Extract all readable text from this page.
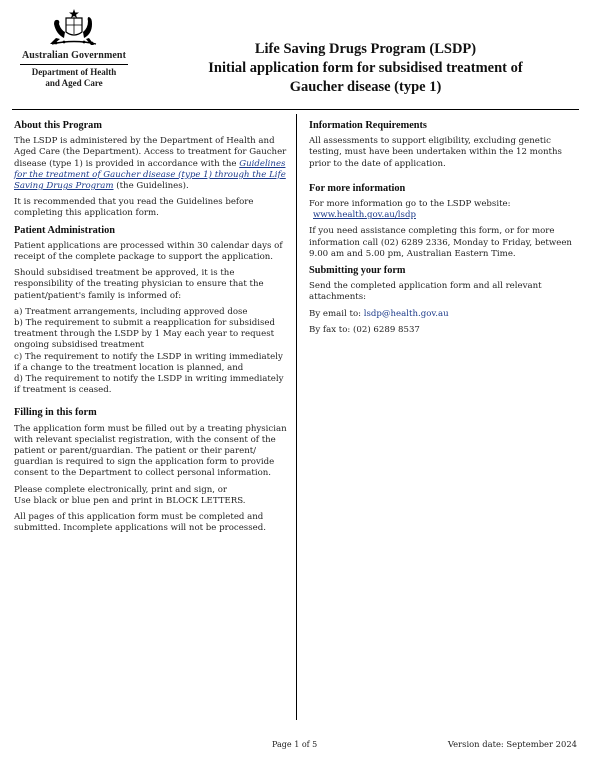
Australian Government
Department of Health
and Aged Care
Life Saving Drugs Program (LSDP)
Initial application form for subsidised treatment of
Gaucher disease (type 1)
About this Program

The LSDP is administered by the Department of Health and Aged Care (the Department). Access to treatment for Gaucher disease (type 1) is provided in accordance with the Guidelines for the treatment of Gaucher disease (type 1) through the Life Saving Drugs Program (the Guidelines).

It is recommended that you read the Guidelines before completing this application form.

Patient Administration

Patient applications are processed within 30 calendar days of receipt of the complete package to support the application.

Should subsidised treatment be approved, it is the responsibility of the treating physician to ensure that the patient/patient's family is informed of:

a) Treatment arrangements, including approved dose

b) The requirement to submit a reapplication for subsidised treatment through the LSDP by 1 May each year to request ongoing subsidised treatment

c) The requirement to notify the LSDP in writing immediately if a change to the treatment location is planned, and

d) The requirement to notify the LSDP in writing immediately if treatment is ceased.

Filling in this form

The application form must be filled out by a treating physician with relevant specialist registration, with the consent of the patient or parent/guardian. The patient or their parent/ guardian is required to sign the application form to provide consent to the Department to collect personal information.

Please complete electronically, print and sign, or
Use black or blue pen and print in BLOCK LETTERS.

All pages of this application form must be completed and submitted. Incomplete applications will not be processed.

Information Requirements

All assessments to support eligibility, excluding genetic testing, must have been undertaken within the 12 months prior to the date of application.

For more information

For more information go to the LSDP website:
www.health.gov.au/lsdp

If you need assistance completing this form, or for more information call (02) 6289 2336, Monday to Friday, between 9.00 am and 5.00 pm, Australian Eastern Time.

Submitting your form

Send the completed application form and all relevant attachments:

By email to: lsdp@health.gov.au

By fax to: (02) 6289 8537

Page 1 of 5	Version date: September 2024
